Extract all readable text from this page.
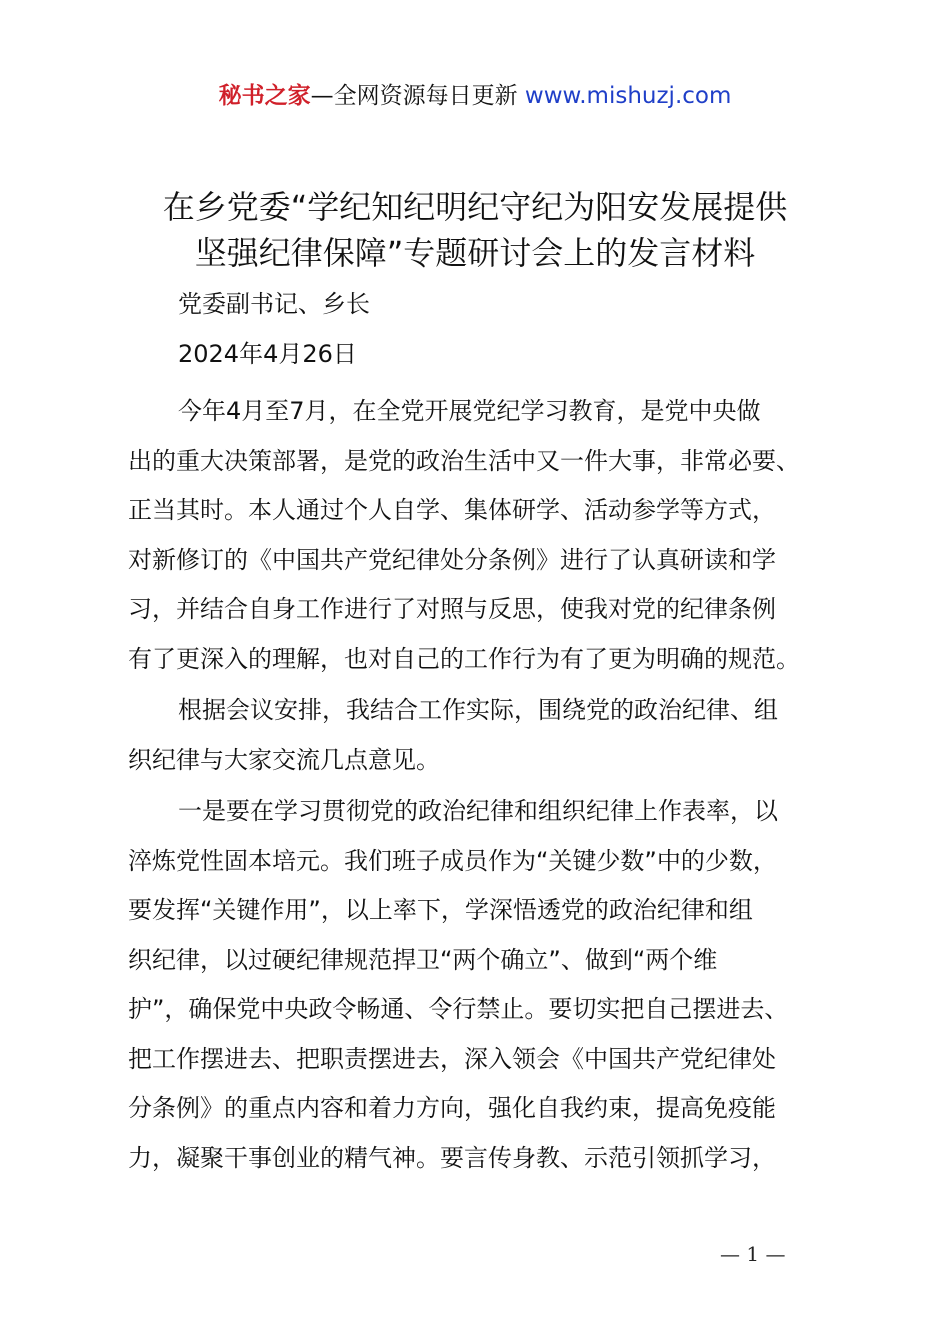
秘书之家—全网资源每日更新 www.mishuzj.com
在乡党委“学纪知纪明纪守纪为阳安发展提供
坚强纪律保障”专题研讨会上的发言材料
党委副书记、乡长
2024年4月26日
今年4月至7月，在全党开展党纪学习教育，是党中央做
出的重大决策部署，是党的政治生活中又一件大事，非常必要、
正当其时。本人通过个人自学、集体研学、活动参学等方式，
对新修订的《中国共产党纪律处分条例》进行了认真研读和学
习，并结合自身工作进行了对照与反思，使我对党的纪律条例
有了更深入的理解，也对自己的工作行为有了更为明确的规范。
根据会议安排，我结合工作实际，围绕党的政治纪律、组
织纪律与大家交流几点意见。
一是要在学习贯彻党的政治纪律和组织纪律上作表率，以
淬炼党性固本培元。我们班子成员作为“关键少数”中的少数，
要发挥“关键作用”，以上率下，学深悟透党的政治纪律和组
织纪律，以过硬纪律规范捍卫“两个确立”、做到“两个维
护”，确保党中央政令畅通、令行禁止。要切实把自己摆进去、
把工作摆进去、把职责摆进去，深入领会《中国共产党纪律处
分条例》的重点内容和着力方向，强化自我约束，提高免疫能
力，凝聚干事创业的精气神。要言传身教、示范引领抓学习，
— 1 —
